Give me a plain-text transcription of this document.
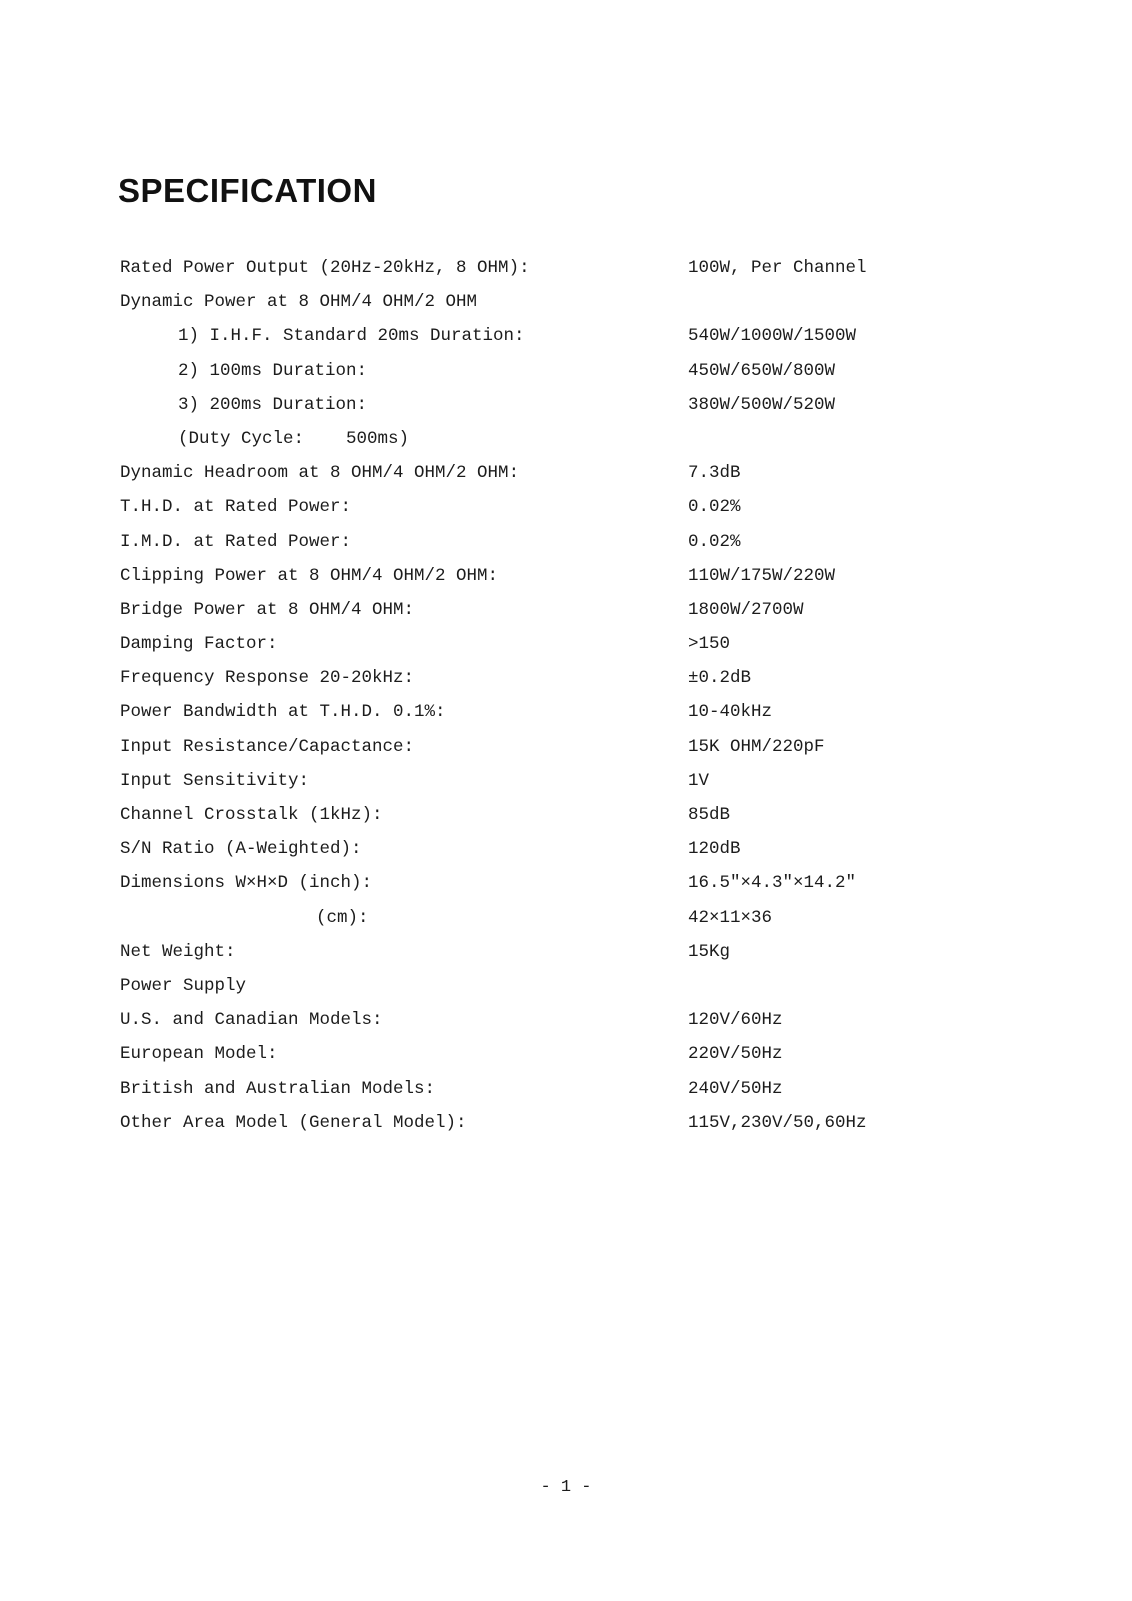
SPECIFICATION
Rated Power Output (20Hz-20kHz, 8 OHM):	100W, Per Channel
Dynamic Power at 8 OHM/4 OHM/2 OHM
1) I.H.F. Standard 20ms Duration:	540W/1000W/1500W
2) 100ms Duration:	450W/650W/800W
3) 200ms Duration:	380W/500W/520W
(Duty Cycle:    500ms)
Dynamic Headroom at 8 OHM/4 OHM/2 OHM:	7.3dB
T.H.D. at Rated Power:	0.02%
I.M.D. at Rated Power:	0.02%
Clipping Power at 8 OHM/4 OHM/2 OHM:	110W/175W/220W
Bridge Power at 8 OHM/4 OHM:	1800W/2700W
Damping Factor:	>150
Frequency Response 20-20kHz:	±0.2dB
Power Bandwidth at T.H.D. 0.1%:	10-40kHz
Input Resistance/Capactance:	15K OHM/220pF
Input Sensitivity:	1V
Channel Crosstalk (1kHz):	85dB
S/N Ratio (A-Weighted):	120dB
Dimensions W×H×D (inch):	16.5"×4.3"×14.2"
(cm):	42×11×36
Net Weight:	15Kg
Power Supply
U.S. and Canadian Models:	120V/60Hz
European Model:	220V/50Hz
British and Australian Models:	240V/50Hz
Other Area Model (General Model):	115V,230V/50,60Hz
- 1 -
